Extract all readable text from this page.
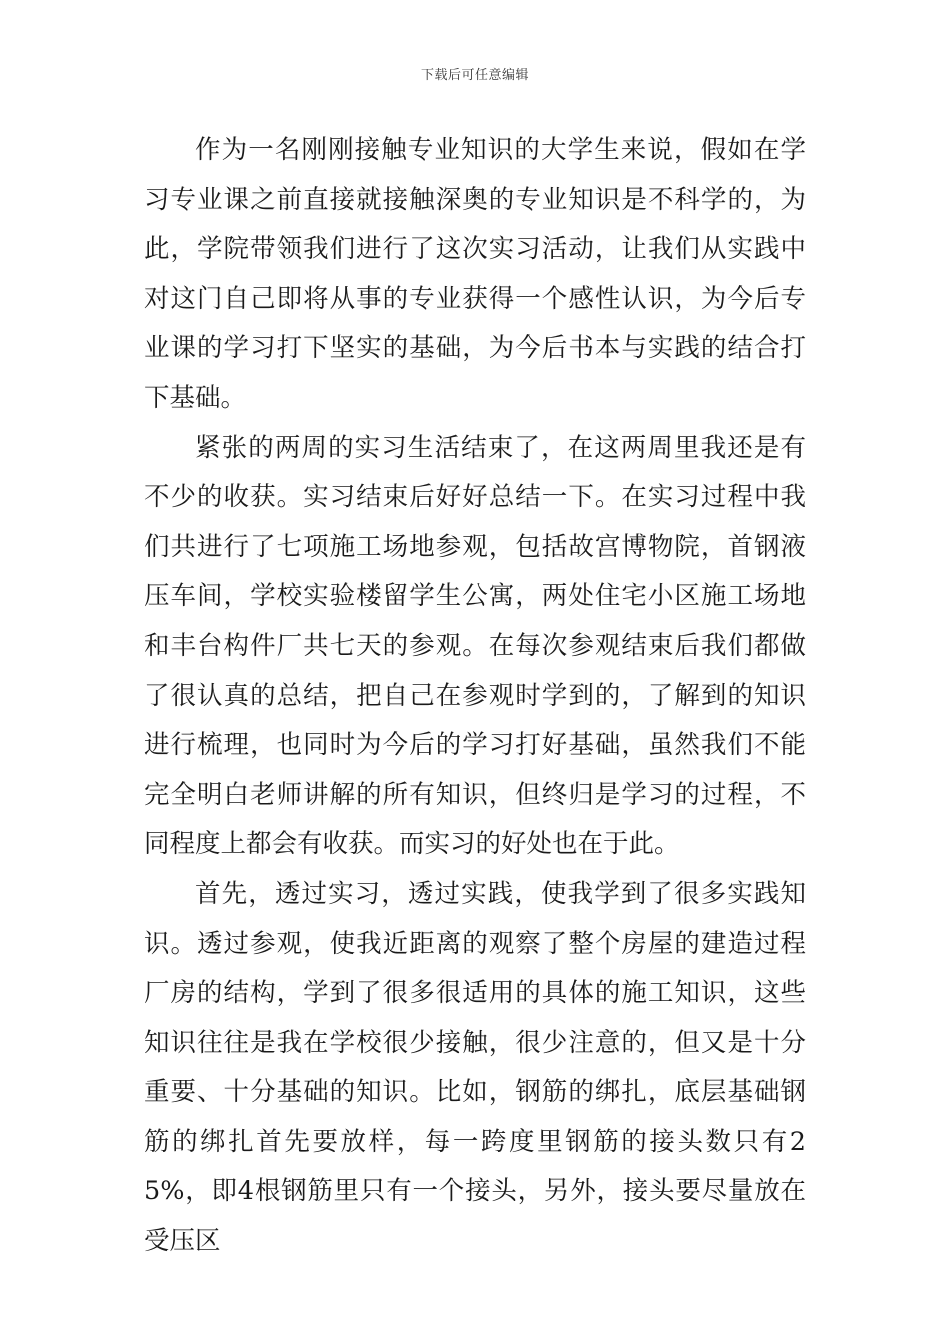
下载后可任意编辑

作为一名刚刚接触专业知识的大学生来说，假如在学习专业课之前直接就接触深奥的专业知识是不科学的，为此，学院带领我们进行了这次实习活动，让我们从实践中对这门自己即将从事的专业获得一个感性认识，为今后专业课的学习打下坚实的基础，为今后书本与实践的结合打下基础。

紧张的两周的实习生活结束了，在这两周里我还是有不少的收获。实习结束后好好总结一下。在实习过程中我们共进行了七项施工场地参观，包括故宫博物院，首钢液压车间，学校实验楼留学生公寓，两处住宅小区施工场地和丰台构件厂共七天的参观。在每次参观结束后我们都做了很认真的总结，把自己在参观时学到的，了解到的知识进行梳理，也同时为今后的学习打好基础，虽然我们不能完全明白老师讲解的所有知识，但终归是学习的过程，不同程度上都会有收获。而实习的好处也在于此。

首先，透过实习，透过实践，使我学到了很多实践知识。透过参观，使我近距离的观察了整个房屋的建造过程厂房的结构，学到了很多很适用的具体的施工知识，这些知识往往是我在学校很少接触，很少注意的，但又是十分重要、十分基础的知识。比如，钢筋的绑扎，底层基础钢筋的绑扎首先要放样，每一跨度里钢筋的接头数只有25%，即4根钢筋里只有一个接头，另外，接头要尽量放在受压区
